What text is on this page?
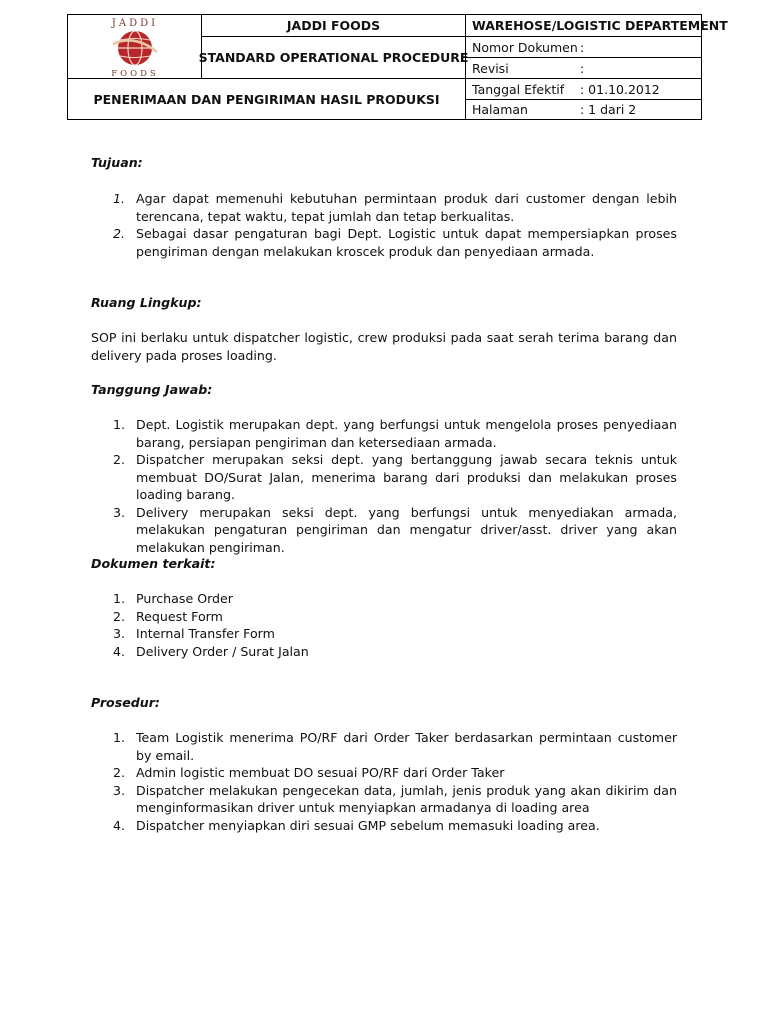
JADDI
FOODS
JADDI FOODS
STANDARD OPERATIONAL PROCEDURE
PENERIMAAN DAN PENGIRIMAN HASIL PRODUKSI
WAREHOSE/LOGISTIC DEPARTEMENT
Nomor Dokumen :
Revisi	:
Tanggal Efektif	: 01.10.2012
Halaman	: 1 dari 2
Tujuan:
1. Agar dapat memenuhi kebutuhan permintaan produk dari customer dengan lebih terencana, tepat waktu, tepat jumlah dan tetap berkualitas.
2. Sebagai dasar pengaturan bagi Dept. Logistic untuk dapat mempersiapkan proses pengiriman dengan melakukan kroscek produk dan penyediaan armada.
Ruang Lingkup:
SOP ini berlaku untuk dispatcher logistic, crew produksi pada saat serah terima barang dan delivery pada proses loading.
Tanggung Jawab:
1. Dept. Logistik merupakan dept. yang berfungsi untuk mengelola proses penyediaan barang, persiapan pengiriman dan ketersediaan armada.
2. Dispatcher merupakan seksi dept. yang bertanggung jawab secara teknis untuk membuat DO/Surat Jalan, menerima barang dari produksi dan melakukan proses loading barang.
3. Delivery merupakan seksi dept. yang berfungsi untuk menyediakan armada, melakukan pengaturan pengiriman dan mengatur driver/asst. driver yang akan melakukan pengiriman.
Dokumen terkait:
1. Purchase Order
2. Request Form
3. Internal Transfer Form
4. Delivery Order / Surat Jalan
Prosedur:
1. Team Logistik menerima PO/RF dari Order Taker berdasarkan permintaan customer by email.
2. Admin logistic membuat DO sesuai PO/RF dari Order Taker
3. Dispatcher melakukan pengecekan data, jumlah, jenis produk yang akan dikirim dan menginformasikan driver untuk menyiapkan armadanya di loading area
4. Dispatcher menyiapkan diri sesuai GMP sebelum memasuki loading area.
